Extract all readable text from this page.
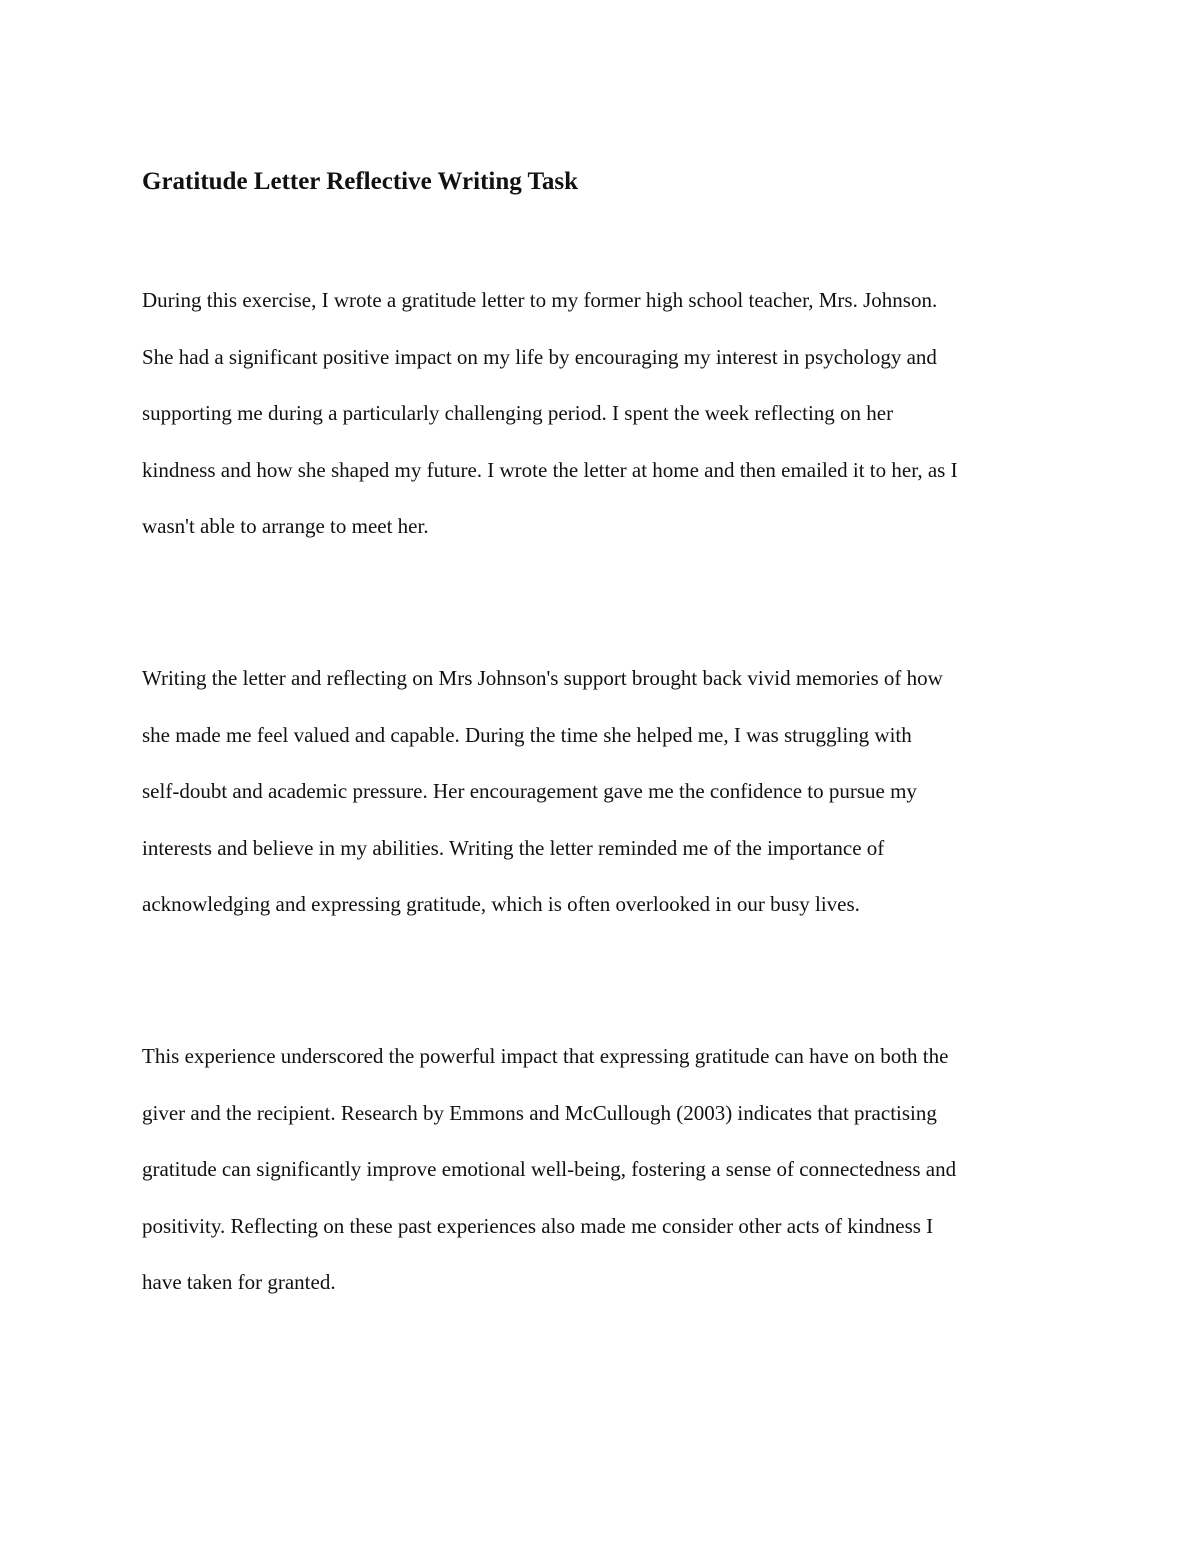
Gratitude Letter Reflective Writing Task

During this exercise, I wrote a gratitude letter to my former high school teacher, Mrs. Johnson.
She had a significant positive impact on my life by encouraging my interest in psychology and
supporting me during a particularly challenging period. I spent the week reflecting on her
kindness and how she shaped my future. I wrote the letter at home and then emailed it to her, as I
wasn't able to arrange to meet her.

Writing the letter and reflecting on Mrs Johnson's support brought back vivid memories of how
she made me feel valued and capable. During the time she helped me, I was struggling with
self-doubt and academic pressure. Her encouragement gave me the confidence to pursue my
interests and believe in my abilities. Writing the letter reminded me of the importance of
acknowledging and expressing gratitude, which is often overlooked in our busy lives.

This experience underscored the powerful impact that expressing gratitude can have on both the
giver and the recipient. Research by Emmons and McCullough (2003) indicates that practising
gratitude can significantly improve emotional well-being, fostering a sense of connectedness and
positivity. Reflecting on these past experiences also made me consider other acts of kindness I
have taken for granted.
